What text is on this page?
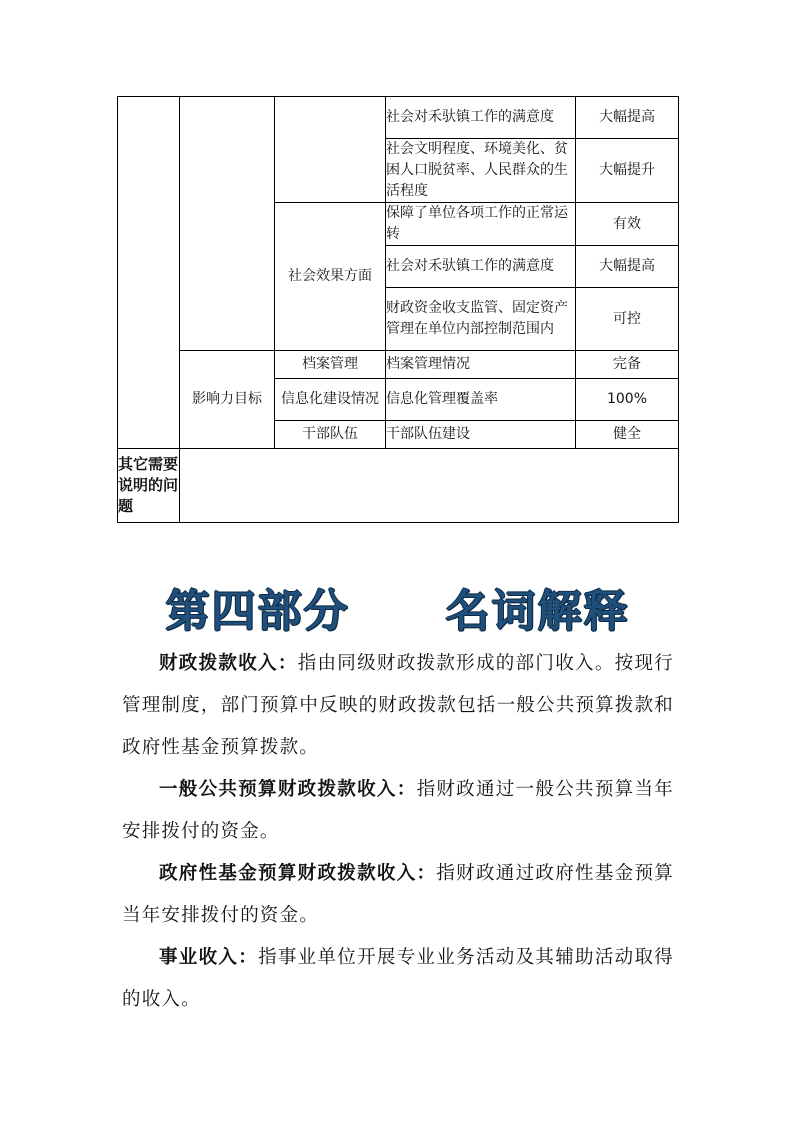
			社会对禾驮镇工作的满意度	大幅提高
			社会文明程度、环境美化、贫困人口脱贫率、人民群众的生活程度	大幅提升
		社会效果方面	保障了单位各项工作的正常运转	有效
			社会对禾驮镇工作的满意度	大幅提高
			财政资金收支监管、固定资产管理在单位内部控制范围内	可控
	影响力目标	档案管理	档案管理情况	完备
		信息化建设情况	信息化管理覆盖率	100%
		干部队伍	干部队伍建设	健全
其它需要说明的问题				
第四部分 名词解释

财政拨款收入：指由同级财政拨款形成的部门收入。按现行管理制度，部门预算中反映的财政拨款包括一般公共预算拨款和政府性基金预算拨款。

一般公共预算财政拨款收入：指财政通过一般公共预算当年安排拨付的资金。

政府性基金预算财政拨款收入：指财政通过政府性基金预算当年安排拨付的资金。

事业收入：指事业单位开展专业业务活动及其辅助活动取得的收入。
